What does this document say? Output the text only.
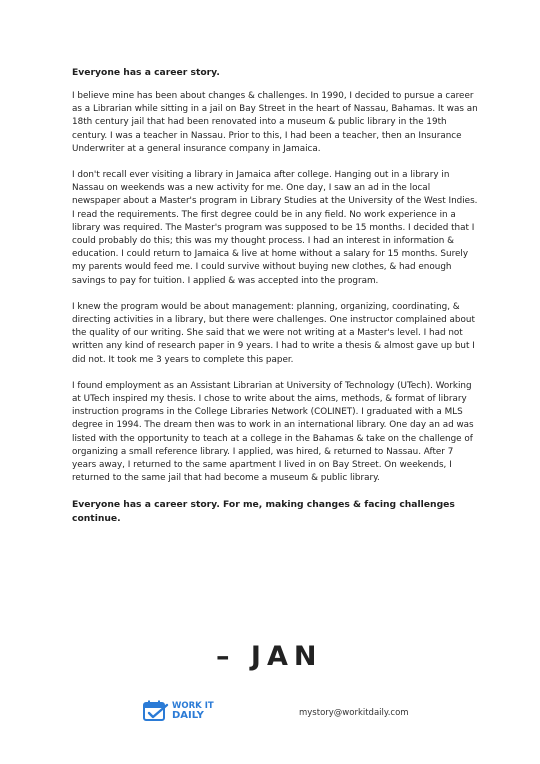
Everyone has a career story.

I believe mine has been about changes & challenges. In 1990, I decided to pursue a career as a Librarian while sitting in a jail on Bay Street in the heart of Nassau, Bahamas. It was an 18th century jail that had been renovated into a museum & public library in the 19th century. I was a teacher in Nassau. Prior to this, I had been a teacher, then an Insurance Underwriter at a general insurance company in Jamaica.

I don't recall ever visiting a library in Jamaica after college. Hanging out in a library in Nassau on weekends was a new activity for me. One day, I saw an ad in the local newspaper about a Master's program in Library Studies at the University of the West Indies. I read the requirements. The first degree could be in any field. No work experience in a library was required. The Master's program was supposed to be 15 months. I decided that I could probably do this; this was my thought process. I had an interest in information & education. I could return to Jamaica & live at home without a salary for 15 months. Surely my parents would feed me. I could survive without buying new clothes, & had enough savings to pay for tuition. I applied & was accepted into the program.

I knew the program would be about management: planning, organizing, coordinating, & directing activities in a library, but there were challenges. One instructor complained about the quality of our writing. She said that we were not writing at a Master's level. I had not written any kind of research paper in 9 years. I had to write a thesis & almost gave up but I did not. It took me 3 years to complete this paper.

I found employment as an Assistant Librarian at University of Technology (UTech). Working at UTech inspired my thesis. I chose to write about the aims, methods, & format of library instruction programs in the College Libraries Network (COLINET). I graduated with a MLS degree in 1994. The dream then was to work in an international library. One day an ad was listed with the opportunity to teach at a college in the Bahamas & take on the challenge of organizing a small reference library. I applied, was hired, & returned to Nassau. After 7 years away, I returned to the same apartment I lived in on Bay Street. On weekends, I returned to the same jail that had become a museum & public library.

Everyone has a career story. For me, making changes & facing challenges continue.

– JAN
WORK IT
DAILY	mystory@workitdaily.com
